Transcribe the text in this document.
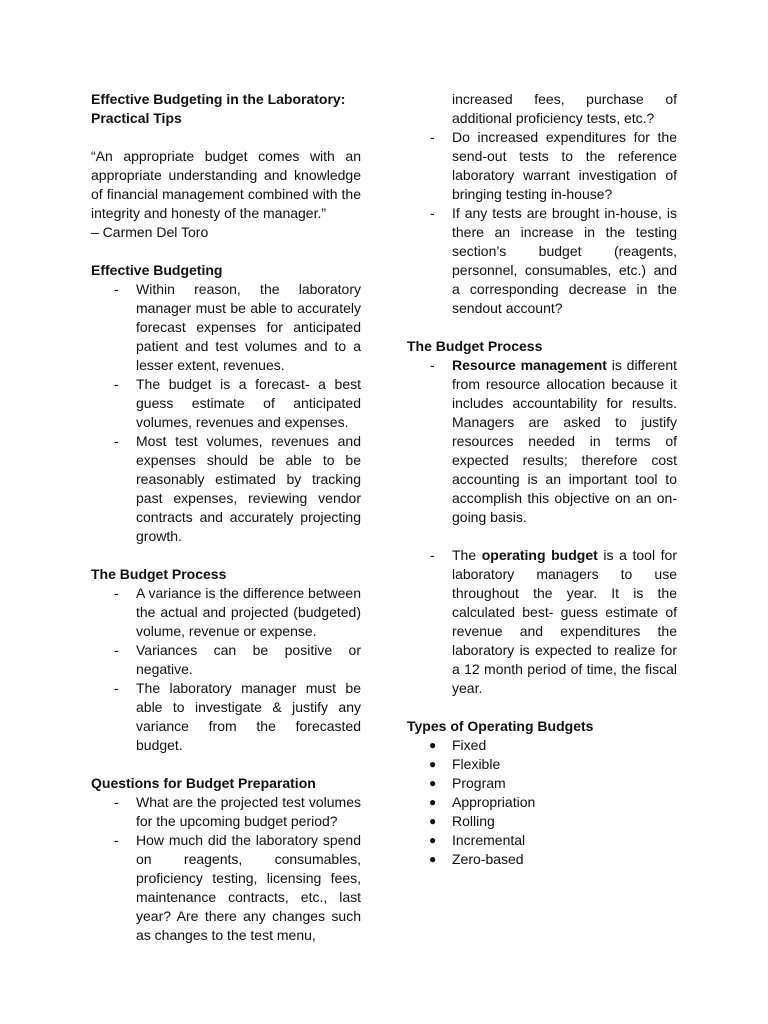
Effective Budgeting in the Laboratory: Practical Tips

“An appropriate budget comes with an appropriate understanding and knowledge of financial management combined with the integrity and honesty of the manager.”

– Carmen Del Toro

Effective Budgeting

- Within reason, the laboratory manager must be able to accurately forecast expenses for anticipated patient and test volumes and to a lesser extent, revenues.
- The budget is a forecast- a best guess estimate of anticipated volumes, revenues and expenses.
- Most test volumes, revenues and expenses should be able to be reasonably estimated by tracking past expenses, reviewing vendor contracts and accurately projecting growth.

The Budget Process

- A variance is the difference between the actual and projected (budgeted) volume, revenue or expense.
- Variances can be positive or negative.
- The laboratory manager must be able to investigate & justify any variance from the forecasted budget.

Questions for Budget Preparation

- What are the projected test volumes for the upcoming budget period?
- How much did the laboratory spend on reagents, consumables, proficiency testing, licensing fees, maintenance contracts, etc., last year? Are there any changes such as changes to the test menu,
increased fees, purchase of additional proficiency tests, etc.?
- Do increased expenditures for the send-out tests to the reference laboratory warrant investigation of bringing testing in-house?
- If any tests are brought in-house, is there an increase in the testing section’s budget (reagents, personnel, consumables, etc.) and a corresponding decrease in the sendout account?

The Budget Process

- Resource management is different from resource allocation because it includes accountability for results. Managers are asked to justify resources needed in terms of expected results; therefore cost accounting is an important tool to accomplish this objective on an on-going basis.
- The operating budget is a tool for laboratory managers to use throughout the year. It is the calculated best- guess estimate of revenue and expenditures the laboratory is expected to realize for a 12 month period of time, the fiscal year.

Types of Operating Budgets

● Fixed
● Flexible
● Program
● Appropriation
● Rolling
● Incremental
● Zero-based
